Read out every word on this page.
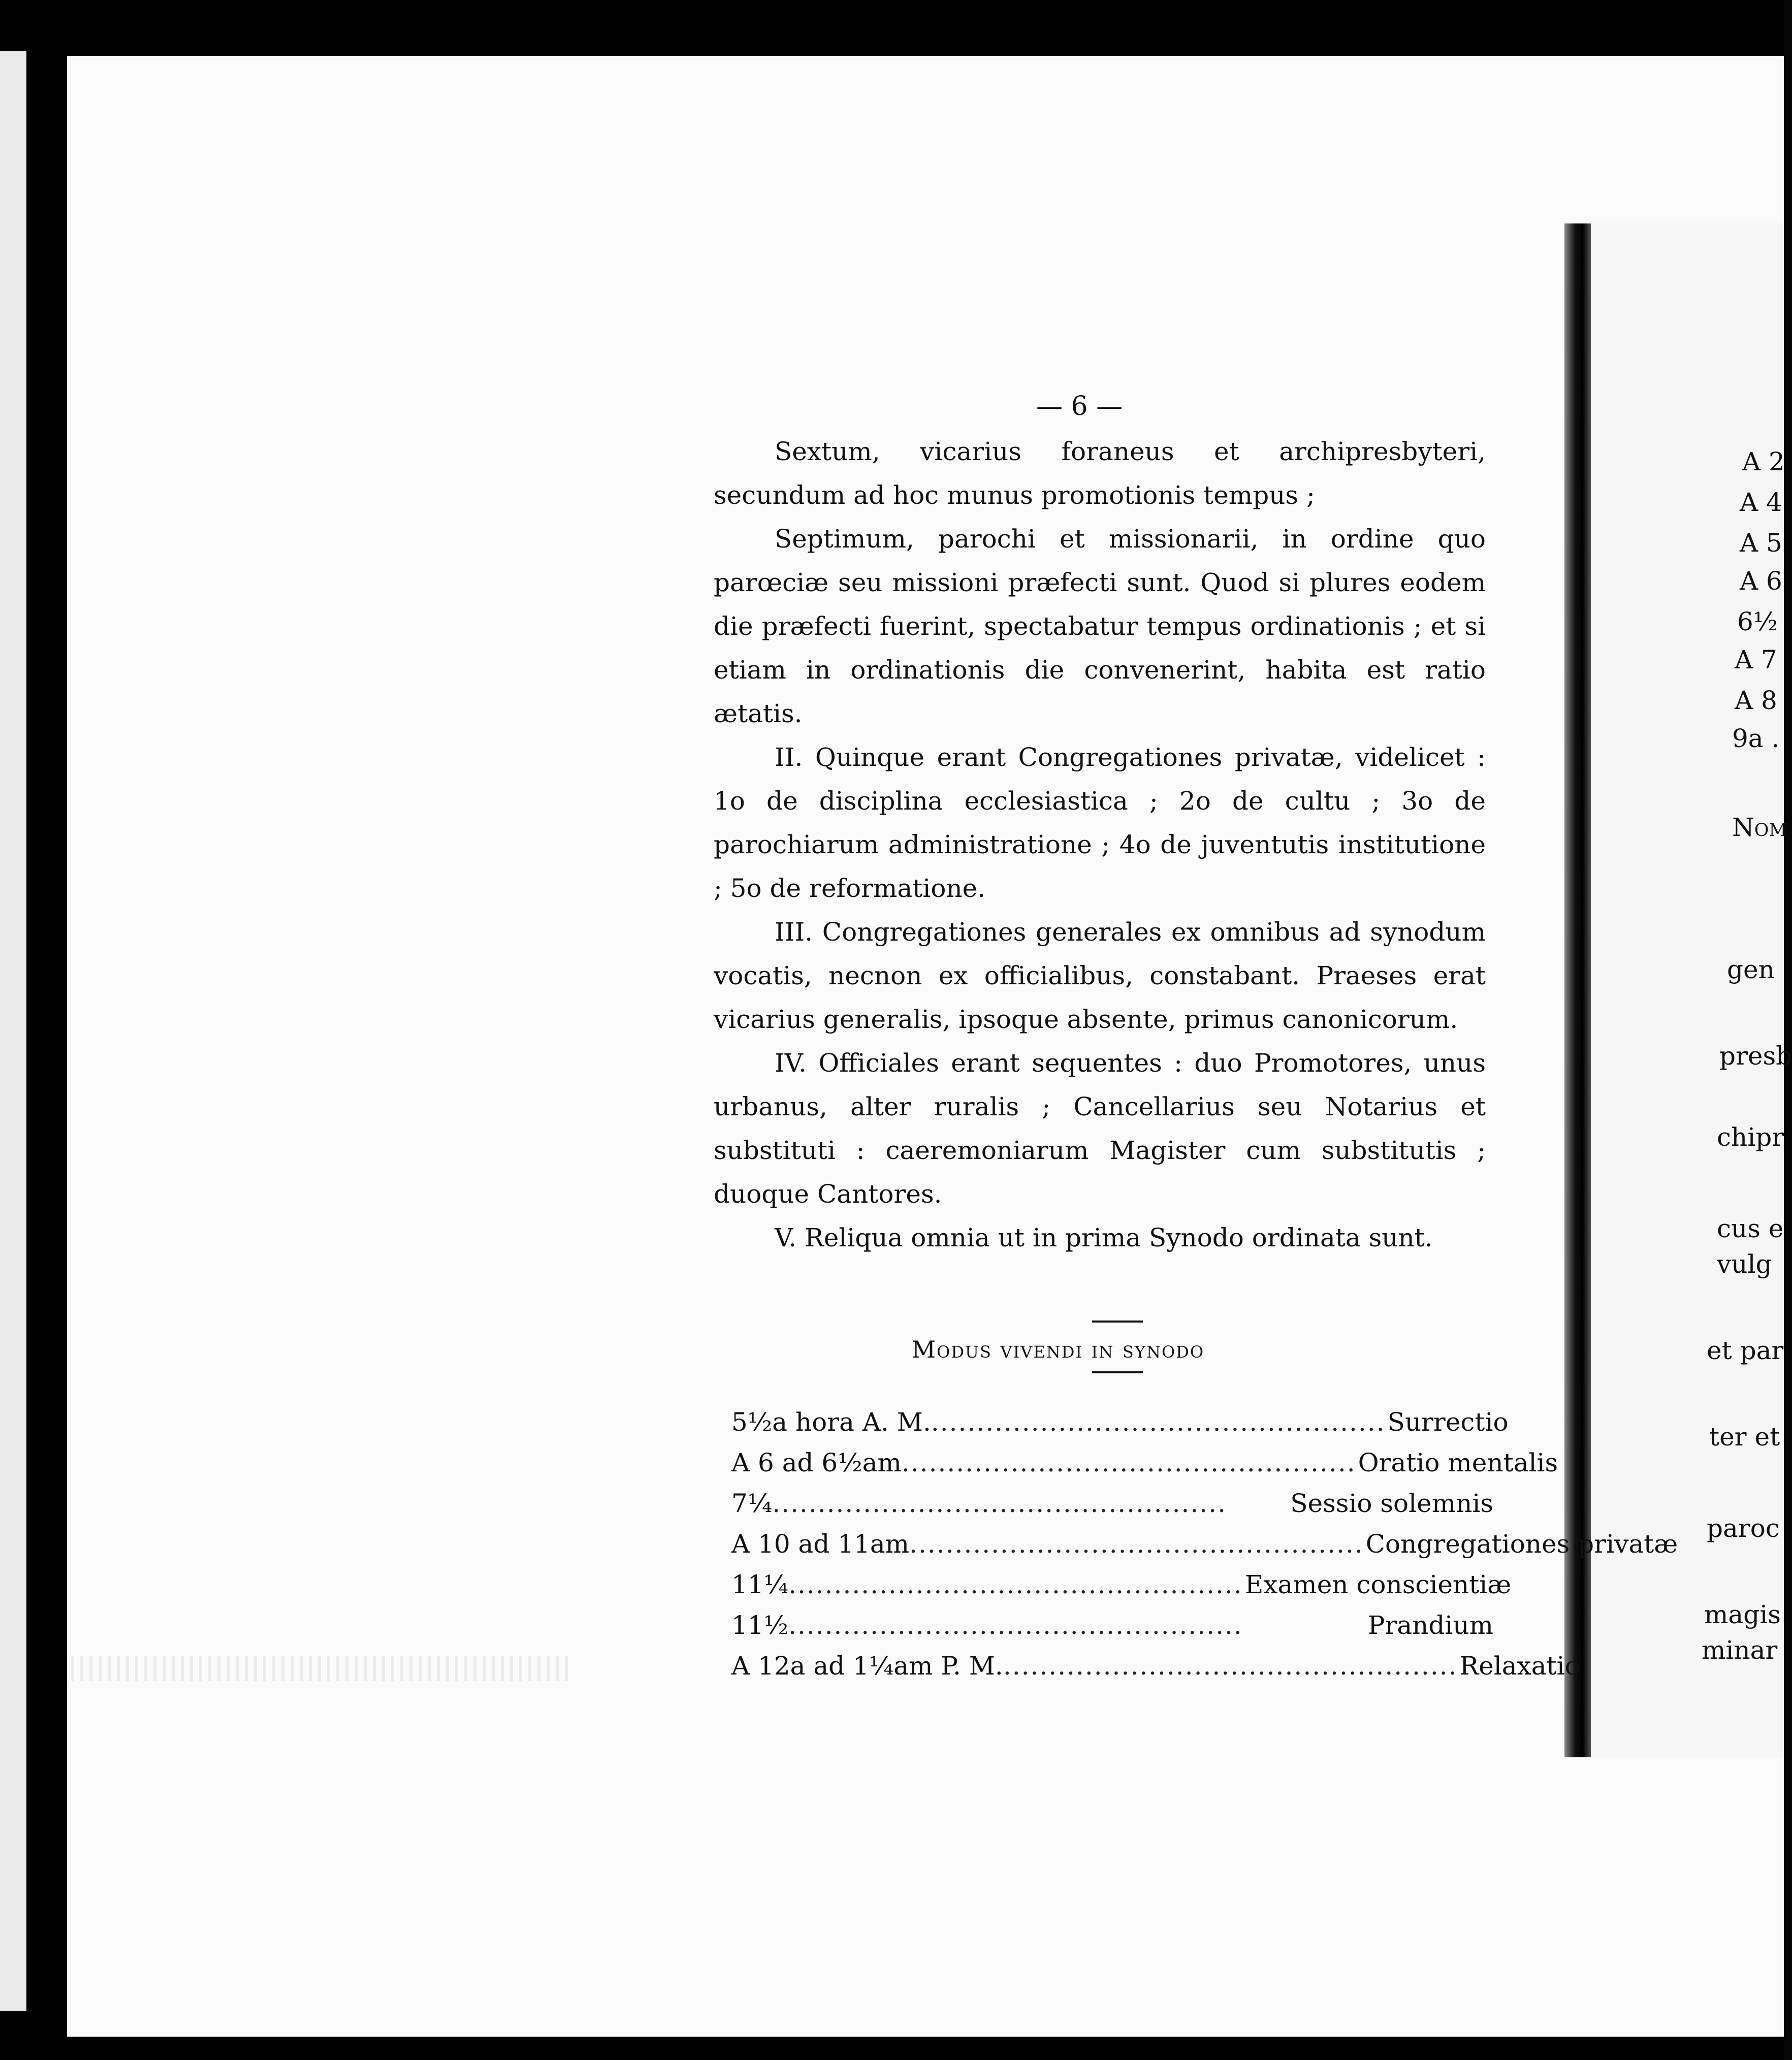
— 6 —

Sextum, vicarius foraneus et archipresbyteri, secundum ad hoc munus promotionis tempus ;

Septimum, parochi et missionarii, in ordine quo parœciæ seu missioni præfecti sunt. Quod si plures eodem die præfecti fuerint, spectabatur tempus ordinationis ; et si etiam in ordinationis die convenerint, habita est ratio ætatis.

II. Quinque erant Congregationes privatæ, videlicet : 1o de disciplina ecclesiastica ; 2o de cultu ; 3o de parochiarum administratione ; 4o de juventutis institutione ; 5o de reformatione.

III. Congregationes generales ex omnibus ad synodum vocatis, necnon ex officialibus, constabant. Praeses erat vicarius generalis, ipsoque absente, primus canonicorum.

IV. Officiales erant sequentes : duo Promotores, unus urbanus, alter ruralis ; Cancellarius seu Notarius et substituti : caeremoniarum Magister cum substitutis ; duoque Cantores.

V. Reliqua omnia ut in prima Synodo ordinata sunt.

Modus vivendi in synodo
5½a hora A. M. .................................................. Surrectio
A 6 ad 6½am .................................................. Oratio mentalis
7¼ ..................................................	Sessio solemnis
A 10 ad 11am .................................................. Congregationes privatæ
11¼ .................................................. Examen conscientiæ
11½ ..................................................	Prandium
A 12a ad 1¼am P. M. .................................................. Relaxatio
A 2
A 4
A 5
A 6
6½
A 7
A 8
9a .
Nom
gen
presb
chipr
cus e
vulg
et par
ter et
paroc
magis
minar
